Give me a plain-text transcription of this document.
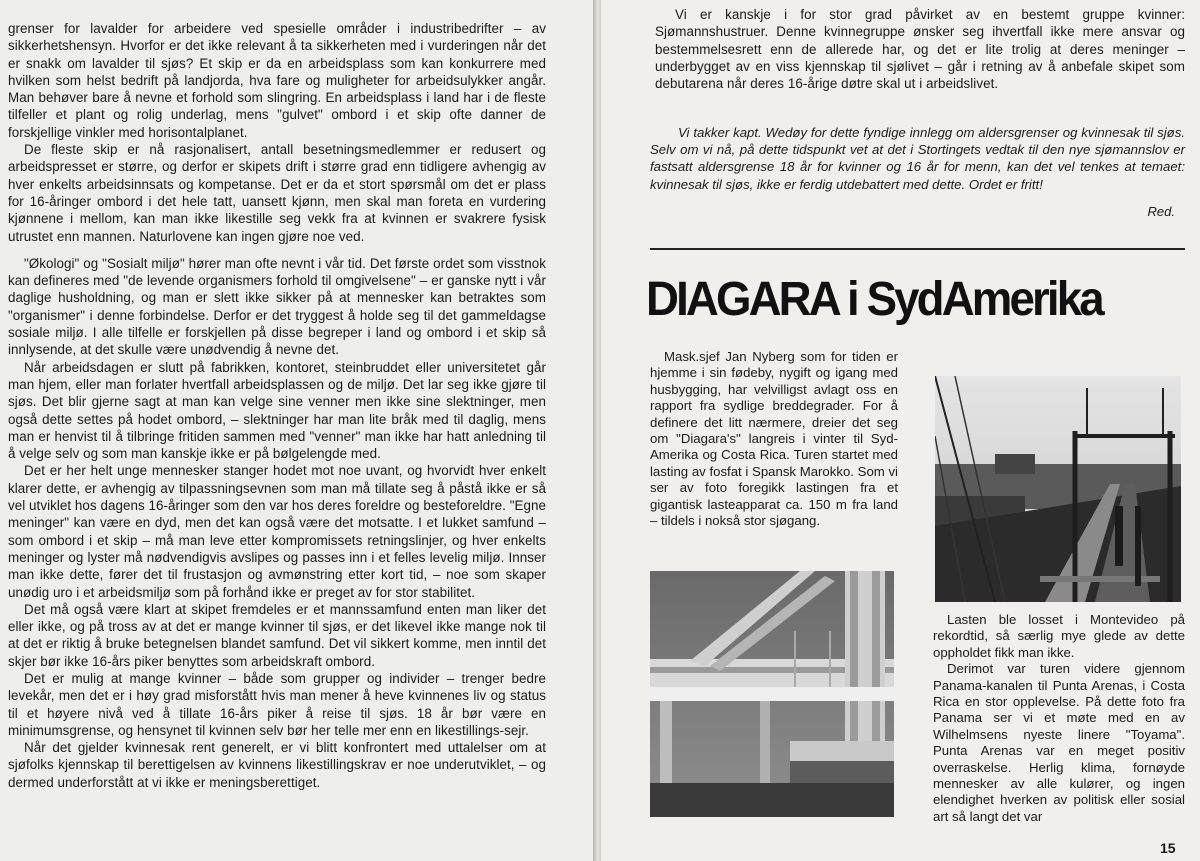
grenser for lavalder for arbeidere ved spesielle områder i industribedrifter – av sikkerhetshensyn. Hvorfor er det ikke relevant å ta sikkerheten med i vurderingen når det er snakk om lavalder til sjøs? Et skip er da en arbeidsplass som kan konkurrere med hvilken som helst bedrift på landjorda, hva fare og muligheter for arbeidsulykker angår. Man behøver bare å nevne et forhold som slingring. En arbeidsplass i land har i de fleste tilfeller et plant og rolig underlag, mens "gulvet" ombord i et skip ofte danner de forskjellige vinkler med horisontalplanet.

De fleste skip er nå rasjonalisert, antall besetningsmedlemmer er redusert og arbeidspresset er større, og derfor er skipets drift i større grad enn tidligere avhengig av hver enkelts arbeidsinnsats og kompetanse. Det er da et stort spørsmål om det er plass for 16-åringer ombord i det hele tatt, uansett kjønn, men skal man foreta en vurdering kjønnene i mellom, kan man ikke likestille seg vekk fra at kvinnen er svakrere fysisk utrustet enn mannen. Naturlovene kan ingen gjøre noe ved.

"Økologi" og "Sosialt miljø" hører man ofte nevnt i vår tid. Det første ordet som visstnok kan defineres med "de levende organismers forhold til omgivelsene" – er ganske nytt i vår daglige husholdning, og man er slett ikke sikker på at mennesker kan betraktes som "organismer" i denne forbindelse. Derfor er det tryggest å holde seg til det gammeldagse sosiale miljø. I alle tilfelle er forskjellen på disse begreper i land og ombord i et skip så innlysende, at det skulle være unødvendig å nevne det.

Når arbeidsdagen er slutt på fabrikken, kontoret, steinbruddet eller universitetet går man hjem, eller man forlater hvertfall arbeidsplassen og de miljø. Det lar seg ikke gjøre til sjøs. Det blir gjerne sagt at man kan velge sine venner men ikke sine slektninger, men også dette settes på hodet ombord, – slektninger har man lite bråk med til daglig, mens man er henvist til å tilbringe fritiden sammen med "venner" man ikke har hatt anledning til å velge selv og som man kanskje ikke er på bølgelengde med.

Det er her helt unge mennesker stanger hodet mot noe uvant, og hvorvidt hver enkelt klarer dette, er avhengig av tilpassningsevnen som man må tillate seg å påstå ikke er så vel utviklet hos dagens 16-åringer som den var hos deres foreldre og besteforeldre. "Egne meninger" kan være en dyd, men det kan også være det motsatte. I et lukket samfund – som ombord i et skip – må man leve etter kompromissets retningslinjer, og hver enkelts meninger og lyster må nødvendigvis avslipes og passes inn i et felles levelig miljø. Innser man ikke dette, fører det til frustasjon og avmønstring etter kort tid, – noe som skaper unødig uro i et arbeidsmiljø som på forhånd ikke er preget av for stor stabilitet.

Det må også være klart at skipet fremdeles er et mannssamfund enten man liker det eller ikke, og på tross av at det er mange kvinner til sjøs, er det likevel ikke mange nok til at det er riktig å bruke betegnelsen blandet samfund. Det vil sikkert komme, men inntil det skjer bør ikke 16-års piker benyttes som arbeidskraft ombord.

Det er mulig at mange kvinner – både som grupper og individer – trenger bedre levekår, men det er i høy grad misforstått hvis man mener å heve kvinnenes liv og status til et høyere nivå ved å tillate 16-års piker å reise til sjøs. 18 år bør være en minimumsgrense, og hensynet til kvinnen selv bør her telle mer enn en likestillings-sejr.

Når det gjelder kvinnesak rent generelt, er vi blitt konfrontert med uttalelser om at sjøfolks kjennskap til berettigelsen av kvinnens likestillingskrav er noe underutviklet, – og dermed underforstått at vi ikke er meningsberettiget.

Vi er kanskje i for stor grad påvirket av en bestemt gruppe kvinner: Sjømannshustruer. Denne kvinnegruppe ønsker seg ihvertfall ikke mere ansvar og bestemmelsesrett enn de allerede har, og det er lite trolig at deres meninger – underbygget av en viss kjennskap til sjølivet – går i retning av å anbefale skipet som debutarena når deres 16-årige døtre skal ut i arbeidslivet.

Vi takker kapt. Wedøy for dette fyndige innlegg om aldersgrenser og kvinnesak til sjøs. Selv om vi nå, på dette tidspunkt vet at det i Stortingets vedtak til den nye sjømannslov er fastsatt aldersgrense 18 år for kvinner og 16 år for menn, kan det vel tenkes at temaet: kvinnesak til sjøs, ikke er ferdig utdebattert med dette. Ordet er fritt!

Red.
DIAGARA i SydAmerika

Mask.sjef Jan Nyberg som for tiden er hjemme i sin fødeby, nygift og igang med husbygging, har velvilligst avlagt oss en rapport fra sydlige breddegrader. For å definere det litt nærmere, dreier det seg om "Diagara's" langreis i vinter til Syd-Amerika og Costa Rica. Turen startet med lasting av fosfat i Spansk Marokko. Som vi ser av foto foregikk lastingen fra et gigantisk lasteapparat ca. 150 m fra land – tildels i nokså stor sjøgang.

Lasten ble losset i Montevideo på rekordtid, så særlig mye glede av dette oppholdet fikk man ikke.

Derimot var turen videre gjennom Panama-kanalen til Punta Arenas, i Costa Rica en stor opplevelse. På dette foto fra Panama ser vi et møte med en av Wilhelmsens nyeste linere "Toyama". Punta Arenas var en meget positiv overraskelse. Herlig klima, fornøyde mennesker av alle kulører, og ingen elendighet hverken av politisk eller sosial art så langt det var

15
